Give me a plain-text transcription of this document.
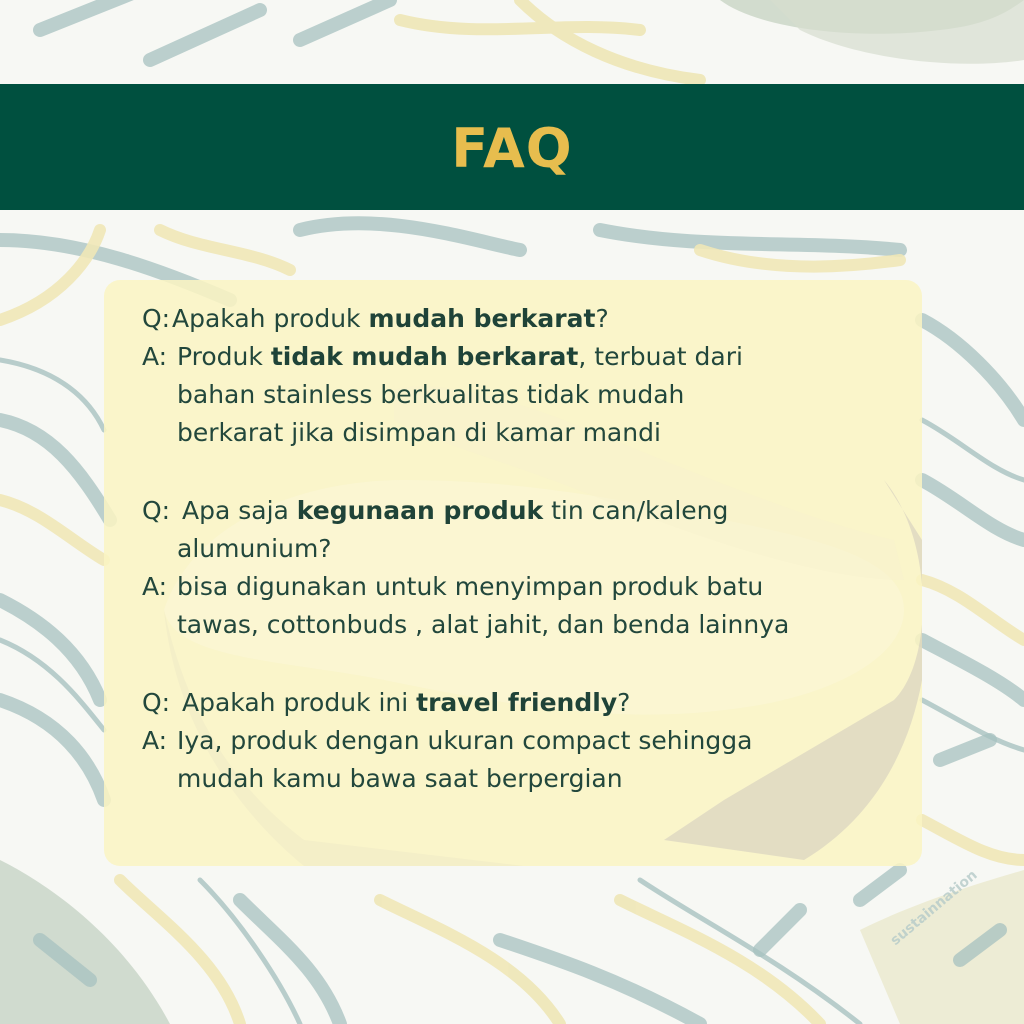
sustainnation
FAQ
Q: Apakah produk mudah berkarat?
A: Produk tidak mudah berkarat, terbuat dari
bahan stainless berkualitas tidak mudah
berkarat jika disimpan di kamar mandi
Q: Apa saja kegunaan produk tin can/kaleng
alumunium?
A: bisa digunakan untuk menyimpan produk batu
tawas, cottonbuds , alat jahit, dan benda lainnya
Q: Apakah produk ini travel friendly?
A: Iya, produk dengan ukuran compact sehingga
mudah kamu bawa saat berpergian
